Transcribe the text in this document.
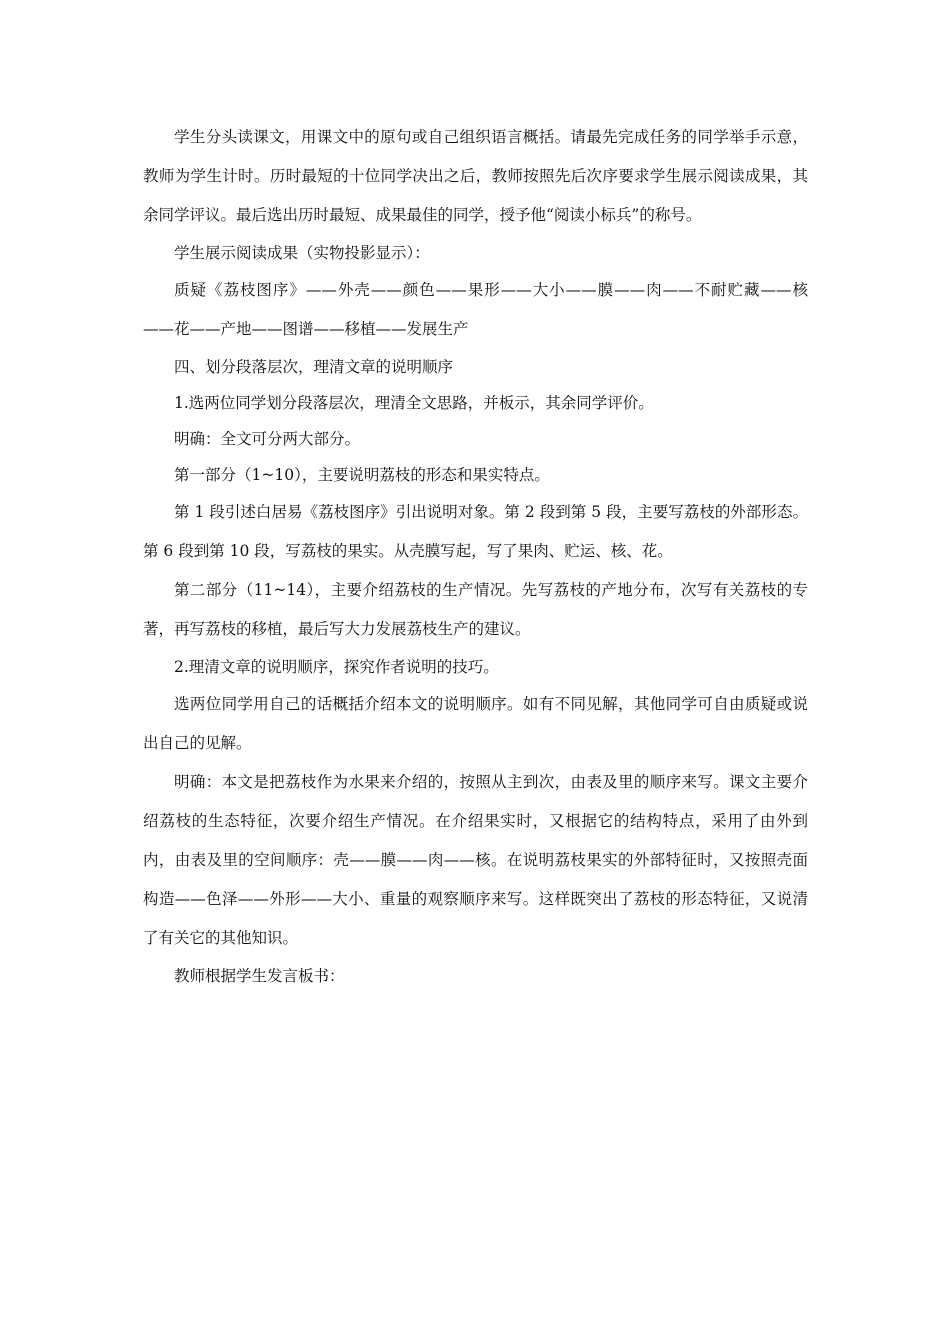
学生分头读课文，用课文中的原句或自己组织语言概括。请最先完成任务的同学举手示意，教师为学生计时。历时最短的十位同学决出之后，教师按照先后次序要求学生展示阅读成果，其余同学评议。最后选出历时最短、成果最佳的同学，授予他“阅读小标兵”的称号。

学生展示阅读成果（实物投影显示）：

质疑《荔枝图序》——外壳——颜色——果形——大小——膜——肉——不耐贮藏——核——花——产地——图谱——移植——发展生产

四、划分段落层次，理清文章的说明顺序

1.选两位同学划分段落层次，理清全文思路，并板示，其余同学评价。

明确：全文可分两大部分。

第一部分（1~10），主要说明荔枝的形态和果实特点。

第 1 段引述白居易《荔枝图序》引出说明对象。第 2 段到第 5 段，主要写荔枝的外部形态。第 6 段到第 10 段，写荔枝的果实。从壳膜写起，写了果肉、贮运、核、花。

第二部分（11~14），主要介绍荔枝的生产情况。先写荔枝的产地分布，次写有关荔枝的专著，再写荔枝的移植，最后写大力发展荔枝生产的建议。

2.理清文章的说明顺序，探究作者说明的技巧。

选两位同学用自己的话概括介绍本文的说明顺序。如有不同见解，其他同学可自由质疑或说出自己的见解。

明确：本文是把荔枝作为水果来介绍的，按照从主到次，由表及里的顺序来写。课文主要介绍荔枝的生态特征，次要介绍生产情况。在介绍果实时，又根据它的结构特点，采用了由外到内，由表及里的空间顺序：壳——膜——肉——核。在说明荔枝果实的外部特征时，又按照壳面构造——色泽——外形——大小、重量的观察顺序来写。这样既突出了荔枝的形态特征，又说清了有关它的其他知识。

教师根据学生发言板书：
